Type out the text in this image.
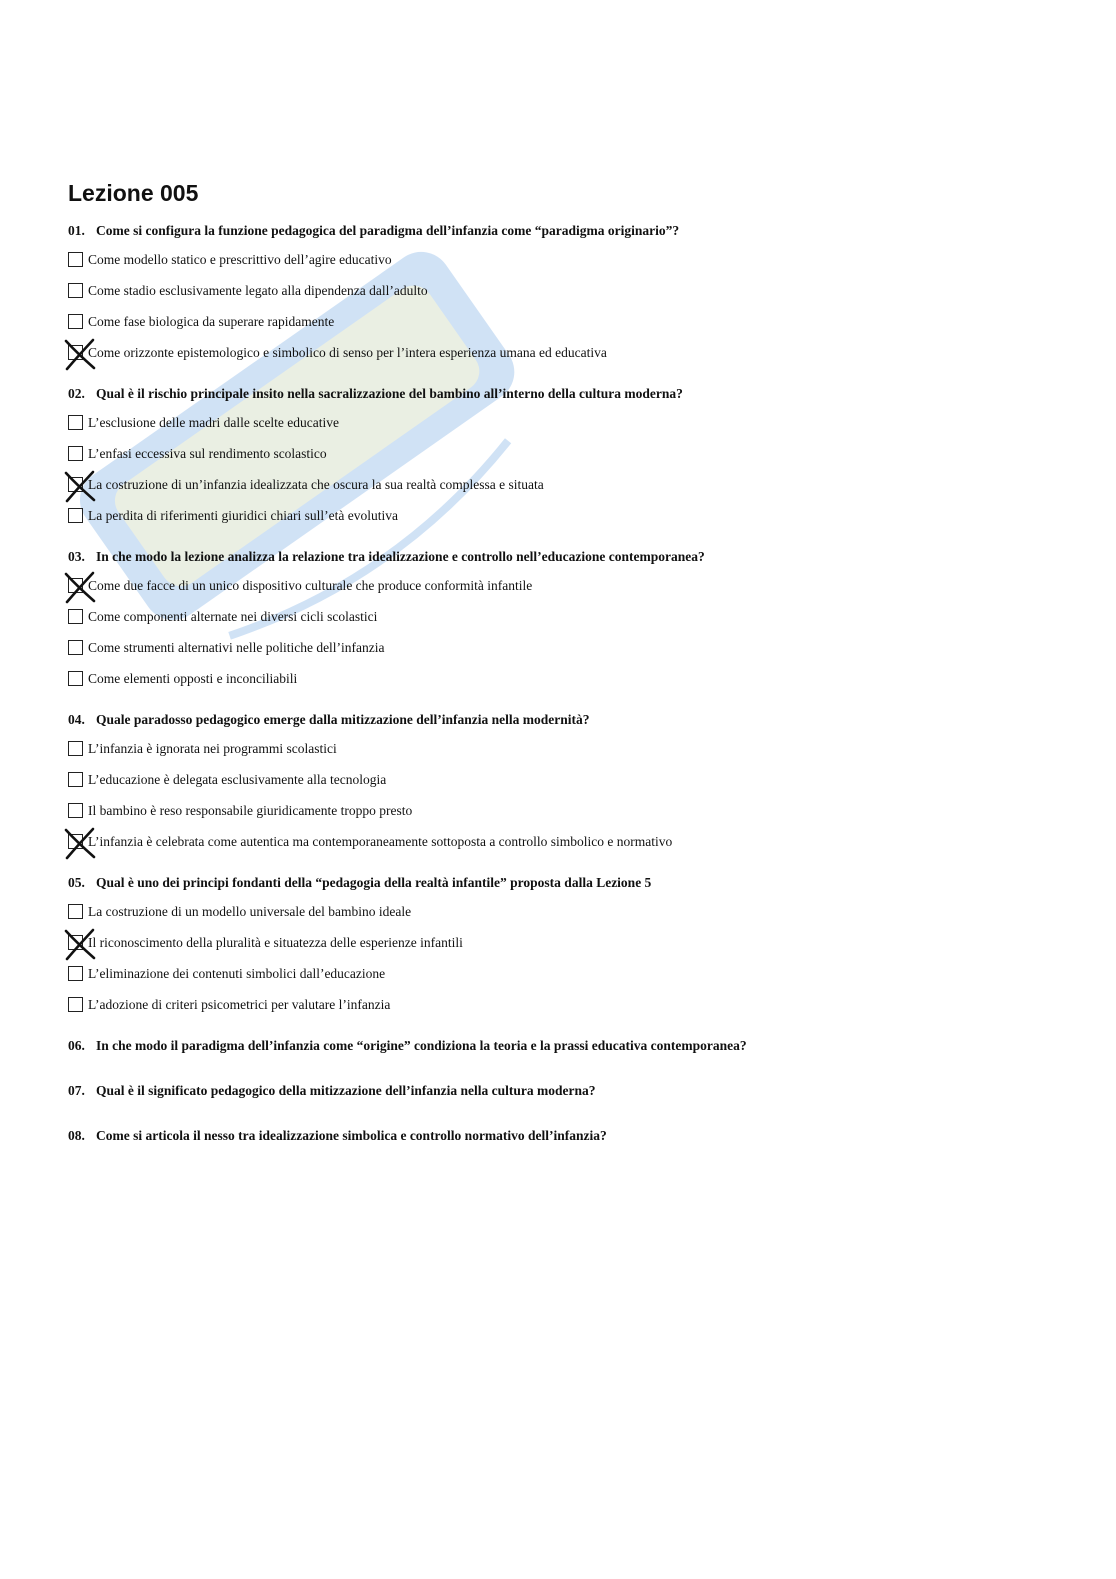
Lezione 005
01. Come si configura la funzione pedagogica del paradigma dell’infanzia come “paradigma originario”?
Come modello statico e prescrittivo dell’agire educativo
Come stadio esclusivamente legato alla dipendenza dall’adulto
Come fase biologica da superare rapidamente
Come orizzonte epistemologico e simbolico di senso per l’intera esperienza umana ed educativa
02. Qual è il rischio principale insito nella sacralizzazione del bambino all’interno della cultura moderna?
L’esclusione delle madri dalle scelte educative
L’enfasi eccessiva sul rendimento scolastico
La costruzione di un’infanzia idealizzata che oscura la sua realtà complessa e situata
La perdita di riferimenti giuridici chiari sull’età evolutiva
03. In che modo la lezione analizza la relazione tra idealizzazione e controllo nell’educazione contemporanea?
Come due facce di un unico dispositivo culturale che produce conformità infantile
Come componenti alternate nei diversi cicli scolastici
Come strumenti alternativi nelle politiche dell’infanzia
Come elementi opposti e inconciliabili
04. Quale paradosso pedagogico emerge dalla mitizzazione dell’infanzia nella modernità?
L’infanzia è ignorata nei programmi scolastici
L’educazione è delegata esclusivamente alla tecnologia
Il bambino è reso responsabile giuridicamente troppo presto
L’infanzia è celebrata come autentica ma contemporaneamente sottoposta a controllo simbolico e normativo
05. Qual è uno dei principi fondanti della “pedagogia della realtà infantile” proposta dalla Lezione 5
La costruzione di un modello universale del bambino ideale
Il riconoscimento della pluralità e situatezza delle esperienze infantili
L’eliminazione dei contenuti simbolici dall’educazione
L’adozione di criteri psicometrici per valutare l’infanzia
06. In che modo il paradigma dell’infanzia come “origine” condiziona la teoria e la prassi educativa contemporanea?
07. Qual è il significato pedagogico della mitizzazione dell’infanzia nella cultura moderna?
08. Come si articola il nesso tra idealizzazione simbolica e controllo normativo dell’infanzia?
